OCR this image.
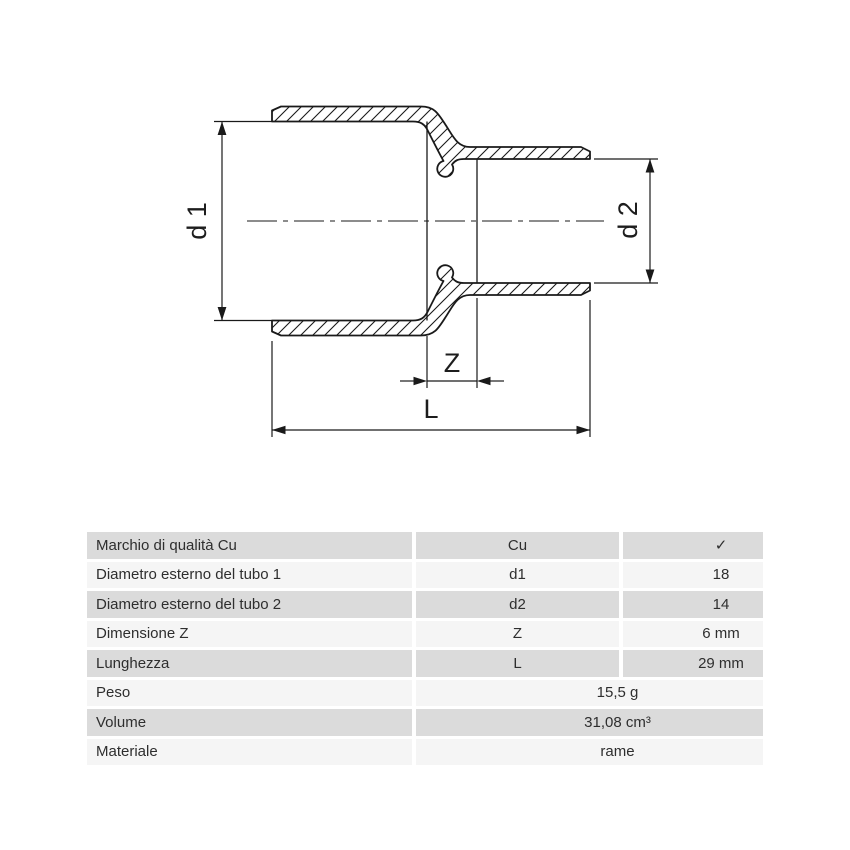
d 1	d 2
Z
L
Marchio di qualità Cu	Cu	✓
Diametro esterno del tubo 1	d1	18
Diametro esterno del tubo 2	d2	14
Dimensione Z	Z	6 mm
Lunghezza	L	29 mm
Peso	15,5 g
Volume	31,08 cm³
Materiale	rame
